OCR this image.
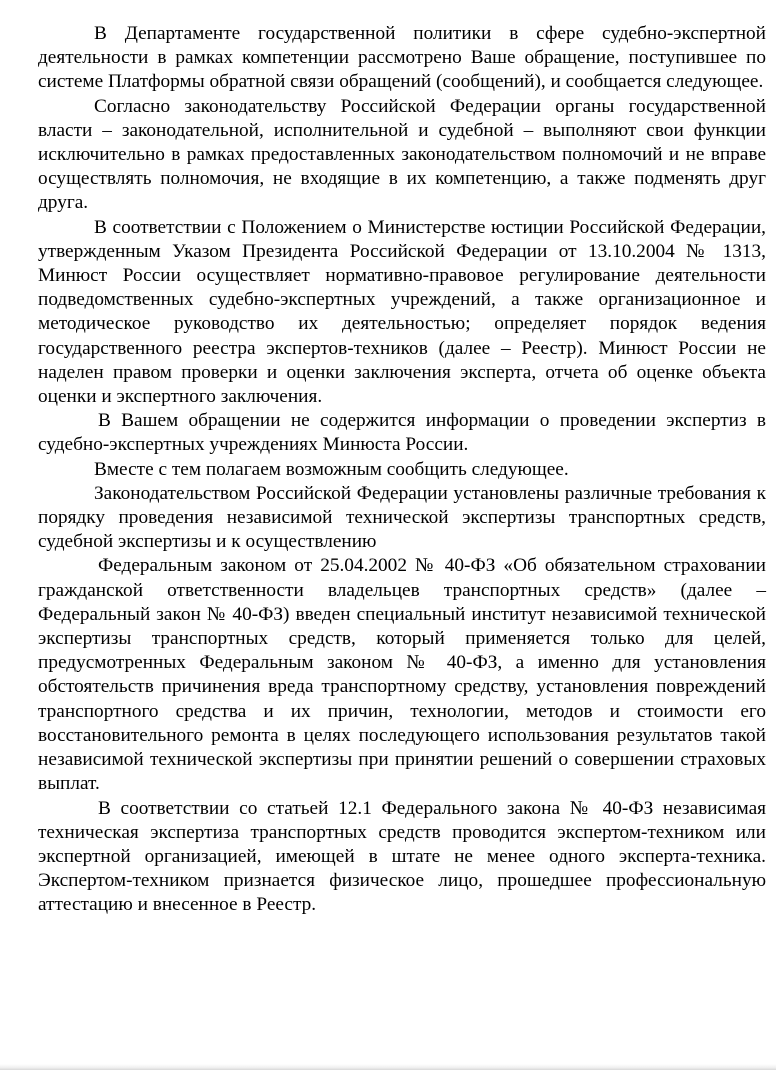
В Департаменте государственной политики в сфере судебно-экспертной деятельности в рамках компетенции рассмотрено Ваше обращение, поступившее по системе Платформы обратной связи обращений (сообщений), и сообщается следующее.

Согласно законодательству Российской Федерации органы государственной власти – законодательной, исполнительной и судебной – выполняют свои функции исключительно в рамках предоставленных законодательством полномочий и не вправе осуществлять полномочия, не входящие в их компетенцию, а также подменять друг друга.

В соответствии с Положением о Министерстве юстиции Российской Федерации, утвержденным Указом Президента Российской Федерации от 13.10.2004 № 1313, Минюст России осуществляет нормативно-правовое регулирование деятельности подведомственных судебно-экспертных учреждений, а также организационное и методическое руководство их деятельностью; определяет порядок ведения государственного реестра экспертов-техников (далее – Реестр). Минюст России не наделен правом проверки и оценки заключения эксперта, отчета об оценке объекта оценки и экспертного заключения.

В Вашем обращении не содержится информации о проведении экспертиз в судебно-экспертных учреждениях Минюста России.

Вместе с тем полагаем возможным сообщить следующее.

Законодательством Российской Федерации установлены различные требования к порядку проведения независимой технической экспертизы транспортных средств, судебной экспертизы и к осуществлению

Федеральным законом от 25.04.2002 № 40-ФЗ «Об обязательном страховании гражданской ответственности владельцев транспортных средств» (далее – Федеральный закон № 40-ФЗ) введен специальный институт независимой технической экспертизы транспортных средств, который применяется только для целей, предусмотренных Федеральным законом № 40-ФЗ, а именно для установления обстоятельств причинения вреда транспортному средству, установления повреждений транспортного средства и их причин, технологии, методов и стоимости его восстановительного ремонта в целях последующего использования результатов такой независимой технической экспертизы при принятии решений о совершении страховых выплат.

В соответствии со статьей 12.1 Федерального закона № 40-ФЗ независимая техническая экспертиза транспортных средств проводится экспертом-техником или экспертной организацией, имеющей в штате не менее одного эксперта-техника. Экспертом-техником признается физическое лицо, прошедшее профессиональную аттестацию и внесенное в Реестр.
